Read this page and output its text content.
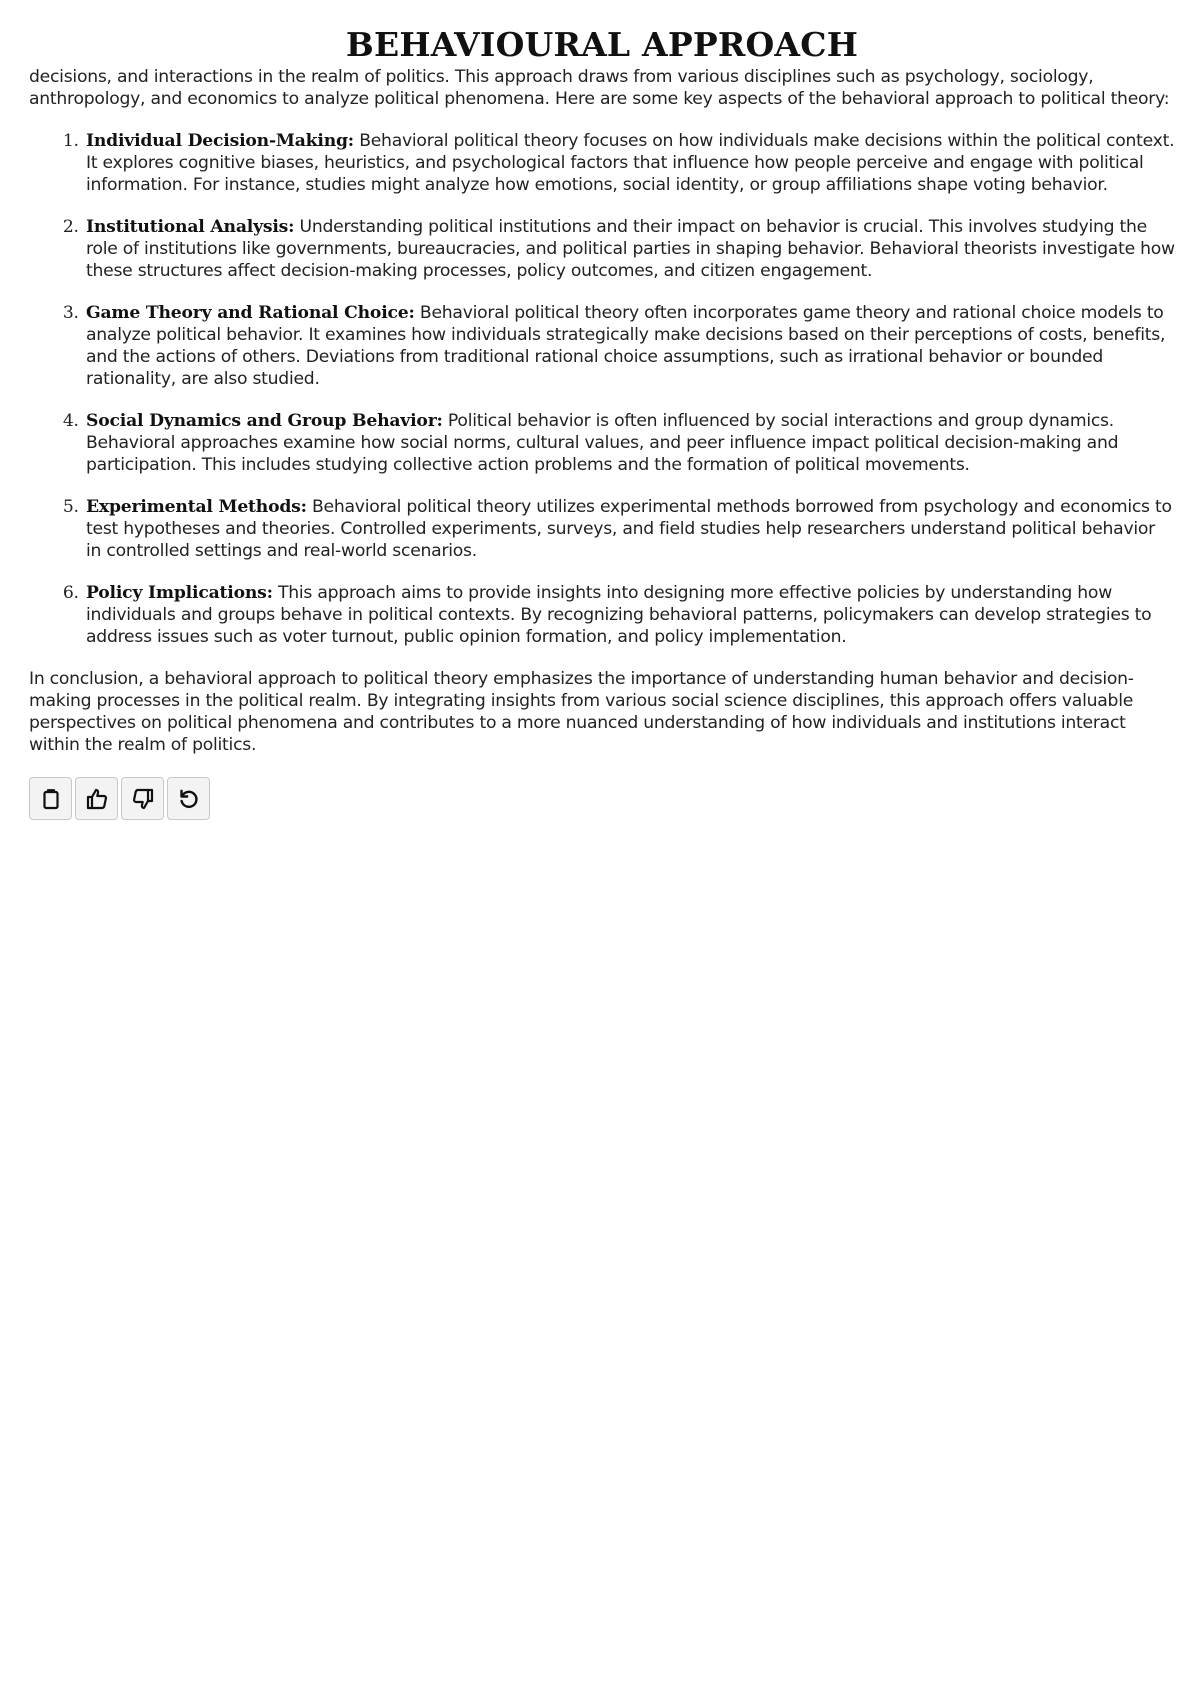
BEHAVIOURAL APPROACH

decisions, and interactions in the realm of politics. This approach draws from various disciplines such as psychology, sociology, anthropology, and economics to analyze political phenomena. Here are some key aspects of the behavioral approach to political theory:

1. Individual Decision-Making: Behavioral political theory focuses on how individuals make decisions within the political context. It explores cognitive biases, heuristics, and psychological factors that influence how people perceive and engage with political information. For instance, studies might analyze how emotions, social identity, or group affiliations shape voting behavior.
2. Institutional Analysis: Understanding political institutions and their impact on behavior is crucial. This involves studying the role of institutions like governments, bureaucracies, and political parties in shaping behavior. Behavioral theorists investigate how these structures affect decision-making processes, policy outcomes, and citizen engagement.
3. Game Theory and Rational Choice: Behavioral political theory often incorporates game theory and rational choice models to analyze political behavior. It examines how individuals strategically make decisions based on their perceptions of costs, benefits, and the actions of others. Deviations from traditional rational choice assumptions, such as irrational behavior or bounded rationality, are also studied.
4. Social Dynamics and Group Behavior: Political behavior is often influenced by social interactions and group dynamics. Behavioral approaches examine how social norms, cultural values, and peer influence impact political decision-making and participation. This includes studying collective action problems and the formation of political movements.
5. Experimental Methods: Behavioral political theory utilizes experimental methods borrowed from psychology and economics to test hypotheses and theories. Controlled experiments, surveys, and field studies help researchers understand political behavior in controlled settings and real-world scenarios.
6. Policy Implications: This approach aims to provide insights into designing more effective policies by understanding how individuals and groups behave in political contexts. By recognizing behavioral patterns, policymakers can develop strategies to address issues such as voter turnout, public opinion formation, and policy implementation.

In conclusion, a behavioral approach to political theory emphasizes the importance of understanding human behavior and decision-making processes in the political realm. By integrating insights from various social science disciplines, this approach offers valuable perspectives on political phenomena and contributes to a more nuanced understanding of how individuals and institutions interact within the realm of politics.
